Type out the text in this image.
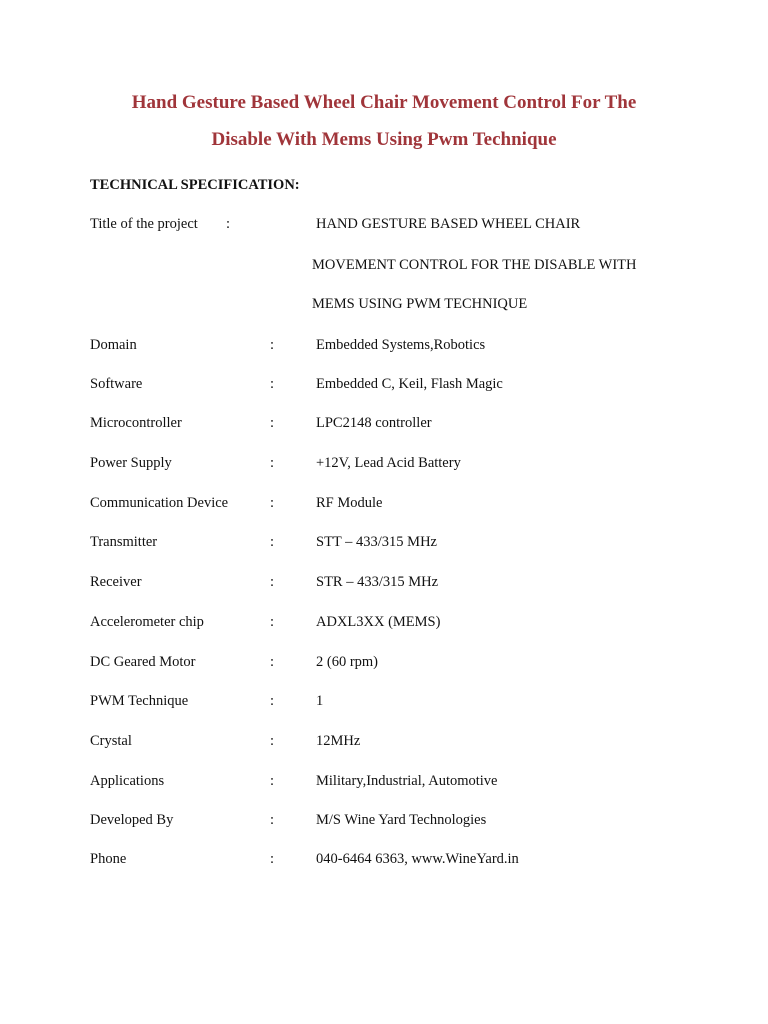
Hand Gesture Based Wheel Chair Movement Control For The
Disable With Mems Using Pwm Technique
TECHNICAL SPECIFICATION:
Title of the project :	HAND GESTURE BASED WHEEL CHAIR
MOVEMENT CONTROL FOR THE DISABLE WITH
MEMS USING PWM TECHNIQUE
Domain	:	Embedded Systems,Robotics
Software	:	Embedded C, Keil, Flash Magic
Microcontroller	:	LPC2148 controller
Power Supply	:	+12V, Lead Acid Battery
Communication Device	:	RF Module
Transmitter	:	STT – 433/315 MHz
Receiver	:	STR – 433/315 MHz
Accelerometer chip	:	ADXL3XX (MEMS)
DC Geared Motor	:	2 (60 rpm)
PWM Technique	:	1
Crystal	:	12MHz
Applications	:	Military,Industrial, Automotive
Developed By	:	M/S Wine Yard Technologies
Phone	:	040-6464 6363, www.WineYard.in
